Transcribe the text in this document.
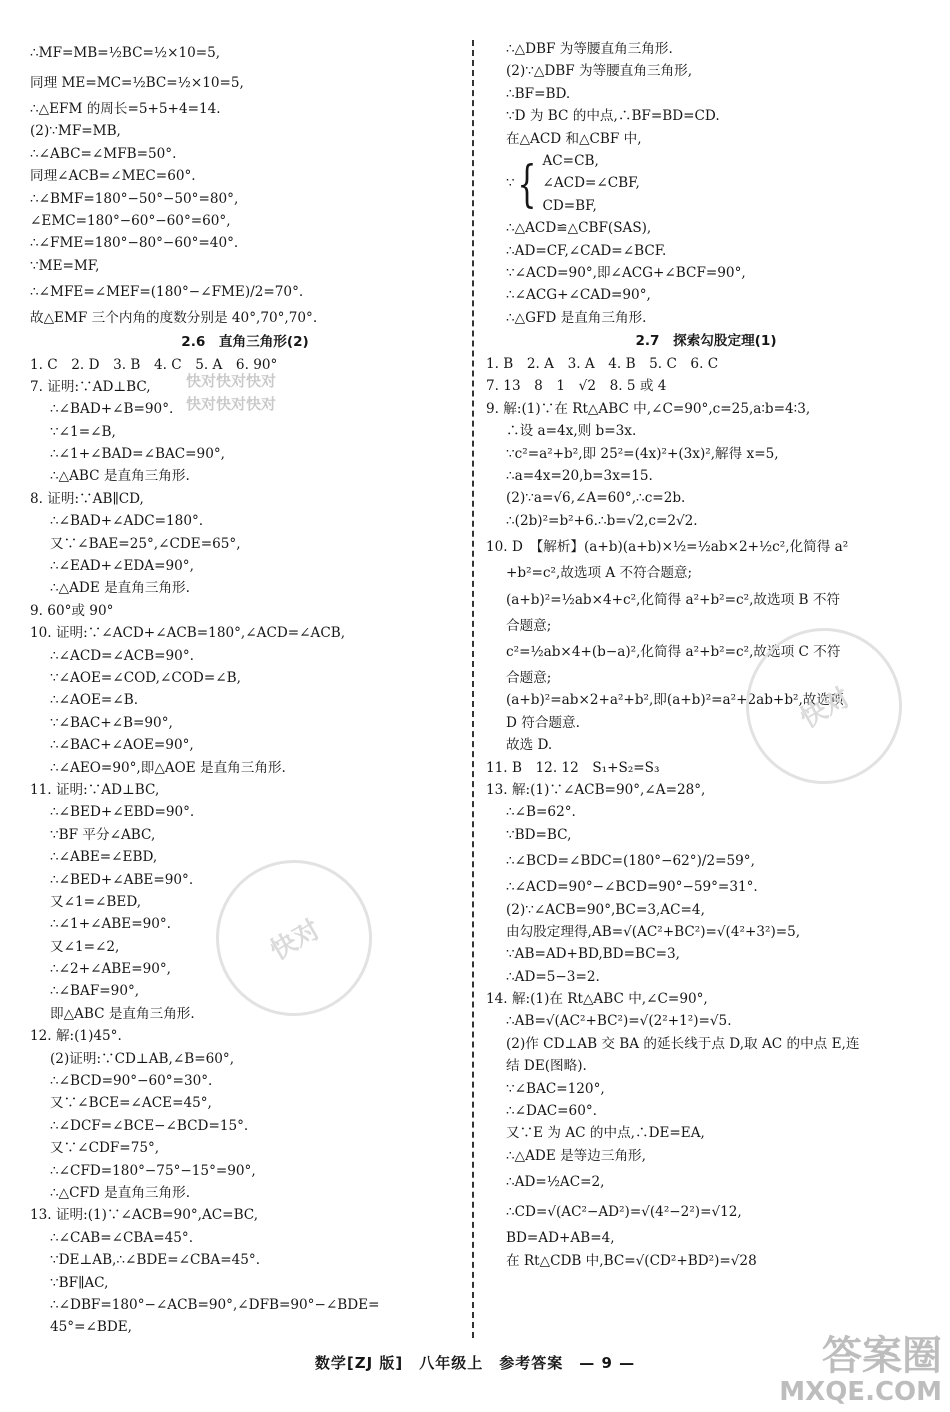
∴MF=MB=½BC=½×10=5,
同理 ME=MC=½BC=½×10=5,
∴△EFM 的周长=5+5+4=14.
(2)∵MF=MB,
∴∠ABC=∠MFB=50°.
同理∠ACB=∠MEC=60°.
∴∠BMF=180°−50°−50°=80°,
∠EMC=180°−60°−60°=60°,
∴∠FME=180°−80°−60°=40°.
∵ME=MF,
∴∠MFE=∠MEF=(180°−∠FME)/2=70°.
故△EMF 三个内角的度数分别是 40°,70°,70°.
2.6　直角三角形(2)
1. C　2. D　3. B　4. C　5. A　6. 90°
7. 证明:∵AD⊥BC,
∴∠BAD+∠B=90°.
∵∠1=∠B,
∴∠1+∠BAD=∠BAC=90°,
∴△ABC 是直角三角形.
8. 证明:∵AB∥CD,
∴∠BAD+∠ADC=180°.
又∵∠BAE=25°,∠CDE=65°,
∴∠EAD+∠EDA=90°,
∴△ADE 是直角三角形.
9. 60°或 90°
10. 证明:∵∠ACD+∠ACB=180°,∠ACD=∠ACB,
∴∠ACD=∠ACB=90°.
∵∠AOE=∠COD,∠COD=∠B,
∴∠AOE=∠B.
∵∠BAC+∠B=90°,
∴∠BAC+∠AOE=90°,
∴∠AEO=90°,即△AOE 是直角三角形.
11. 证明:∵AD⊥BC,
∴∠BED+∠EBD=90°.
∵BF 平分∠ABC,
∴∠ABE=∠EBD,
∴∠BED+∠ABE=90°.
又∠1=∠BED,
∴∠1+∠ABE=90°.
又∠1=∠2,
∴∠2+∠ABE=90°,
∴∠BAF=90°,
即△ABC 是直角三角形.
12. 解:(1)45°.
(2)证明:∵CD⊥AB,∠B=60°,
∴∠BCD=90°−60°=30°.
又∵∠BCE=∠ACE=45°,
∴∠DCF=∠BCE−∠BCD=15°.
又∵∠CDF=75°,
∴∠CFD=180°−75°−15°=90°,
∴△CFD 是直角三角形.
13. 证明:(1)∵∠ACB=90°,AC=BC,
∴∠CAB=∠CBA=45°.
∵DE⊥AB,∴∠BDE=∠CBA=45°.
∵BF∥AC,
∴∠DBF=180°−∠ACB=90°,∠DFB=90°−∠BDE=
45°=∠BDE,
∴△DBF 为等腰直角三角形.
(2)∵△DBF 为等腰直角三角形,
∴BF=BD.
∵D 为 BC 的中点,∴BF=BD=CD.
在△ACD 和△CBF 中,
∵ { AC=CB,
∠ACD=∠CBF,
CD=BF,
∴△ACD≌△CBF(SAS),
∴AD=CF,∠CAD=∠BCF.
∵∠ACD=90°,即∠ACG+∠BCF=90°,
∴∠ACG+∠CAD=90°,
∴△GFD 是直角三角形.
2.7　探索勾股定理(1)
1. B　2. A　3. A　4. B　5. C　6. C
7. 13　8　1　√2　8. 5 或 4
9. 解:(1)∵在 Rt△ABC 中,∠C=90°,c=25,a∶b=4∶3,
∴设 a=4x,则 b=3x.
∵c²=a²+b²,即 25²=(4x)²+(3x)²,解得 x=5,
∴a=4x=20,b=3x=15.
(2)∵a=√6,∠A=60°,∴c=2b.
∴(2b)²=b²+6.∴b=√2,c=2√2.
10. D　【解析】(a+b)(a+b)×½=½ab×2+½c²,化简得 a²
+b²=c²,故选项 A 不符合题意;
(a+b)²=½ab×4+c²,化简得 a²+b²=c²,故选项 B 不符
合题意;
c²=½ab×4+(b−a)²,化简得 a²+b²=c²,故选项 C 不符
合题意;
(a+b)²=ab×2+a²+b²,即(a+b)²=a²+2ab+b²,故选项
D 符合题意.
故选 D.
11. B　12. 12　S₁+S₂=S₃
13. 解:(1)∵∠ACB=90°,∠A=28°,
∴∠B=62°.
∵BD=BC,
∴∠BCD=∠BDC=(180°−62°)/2=59°,
∴∠ACD=90°−∠BCD=90°−59°=31°.
(2)∵∠ACB=90°,BC=3,AC=4,
由勾股定理得,AB=√(AC²+BC²)=√(4²+3²)=5,
∵AB=AD+BD,BD=BC=3,
∴AD=5−3=2.
14. 解:(1)在 Rt△ABC 中,∠C=90°,
∴AB=√(AC²+BC²)=√(2²+1²)=√5.
(2)作 CD⊥AB 交 BA 的延长线于点 D,取 AC 的中点 E,连
结 DE(图略).
∵∠BAC=120°,
∴∠DAC=60°.
又∵E 为 AC 的中点,∴DE=EA,
∴△ADE 是等边三角形,
∴AD=½AC=2,
∴CD=√(AC²−AD²)=√(4²−2²)=√12,
BD=AD+AB=4,
在 Rt△CDB 中,BC=√(CD²+BD²)=√28
快对快对快对
快对快对快对
快对
快对
数学[ZJ 版]　八年级上　参考答案　— 9 —	答案圈
MXQE.COM
